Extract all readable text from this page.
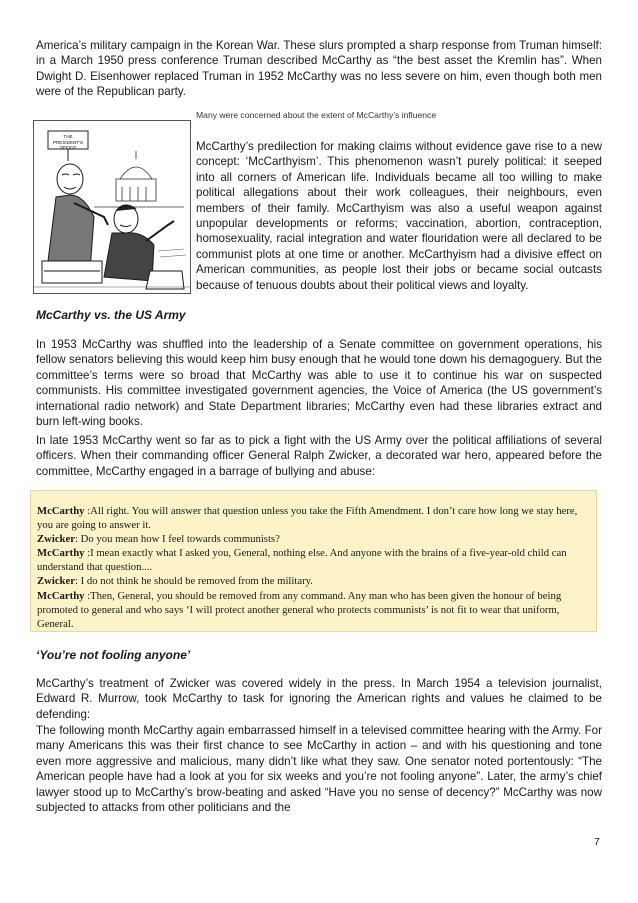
America’s military campaign in the Korean War. These slurs prompted a sharp response from Truman himself: in a March 1950 press conference Truman described McCarthy as “the best asset the Kremlin has”. When Dwight D. Eisenhower replaced Truman in 1952 McCarthy was no less severe on him, even though both men were of the Republican party.

Many were concerned about the extent of McCarthy’s influence

THE PRESIDENT'S OFFICE	McCarthy’s predilection for making claims without evidence gave rise to a new concept: ‘McCarthyism’. This phenomenon wasn’t purely political: it seeped into all corners of American life. Individuals became all too willing to make political allegations about their work colleagues, their neighbours, even members of their family. McCarthyism was also a useful weapon against unpopular developments or reforms; vaccination, abortion, contraception, homosexuality, racial integration and water flouridation were all declared to be communist plots at one time or another. McCarthyism had a divisive effect on American communities, as people lost their jobs or became social outcasts because of tenuous doubts about their political views and loyalty.

McCarthy vs. the US Army

In 1953 McCarthy was shuffled into the leadership of a Senate committee on government operations, his fellow senators believing this would keep him busy enough that he would tone down his demagoguery. But the committee’s terms were so broad that McCarthy was able to use it to continue his war on suspected communists. His committee investigated government agencies, the Voice of America (the US government’s international radio network) and State Department libraries; McCarthy even had these libraries extract and burn left-wing books.

In late 1953 McCarthy went so far as to pick a fight with the US Army over the political affiliations of several officers. When their commanding officer General Ralph Zwicker, a decorated war hero, appeared before the committee, McCarthy engaged in a barrage of bullying and abuse:

McCarthy :All right. You will answer that question unless you take the Fifth Amendment. I don’t care how long we stay here, you are going to answer it.

Zwicker: Do you mean how I feel towards communists?

McCarthy :I mean exactly what I asked you, General, nothing else. And anyone with the brains of a five-year-old child can understand that question....

Zwicker: I do not think he should be removed from the military.

McCarthy :Then, General, you should be removed from any command. Any man who has been given the honour of being promoted to general and who says ‘I will protect another general who protects communists’ is not fit to wear that uniform, General.

‘You’re not fooling anyone’

McCarthy’s treatment of Zwicker was covered widely in the press. In March 1954 a television journalist, Edward R. Murrow, took McCarthy to task for ignoring the American rights and values he claimed to be defending:

The following month McCarthy again embarrassed himself in a televised committee hearing with the Army. For many Americans this was their first chance to see McCarthy in action – and with his questioning and tone even more aggressive and malicious, many didn’t like what they saw. One senator noted portentously: “The American people have had a look at you for six weeks and you’re not fooling anyone”. Later, the army’s chief lawyer stood up to McCarthy’s brow-beating and asked “Have you no sense of decency?” McCarthy was now subjected to attacks from other politicians and the

7
